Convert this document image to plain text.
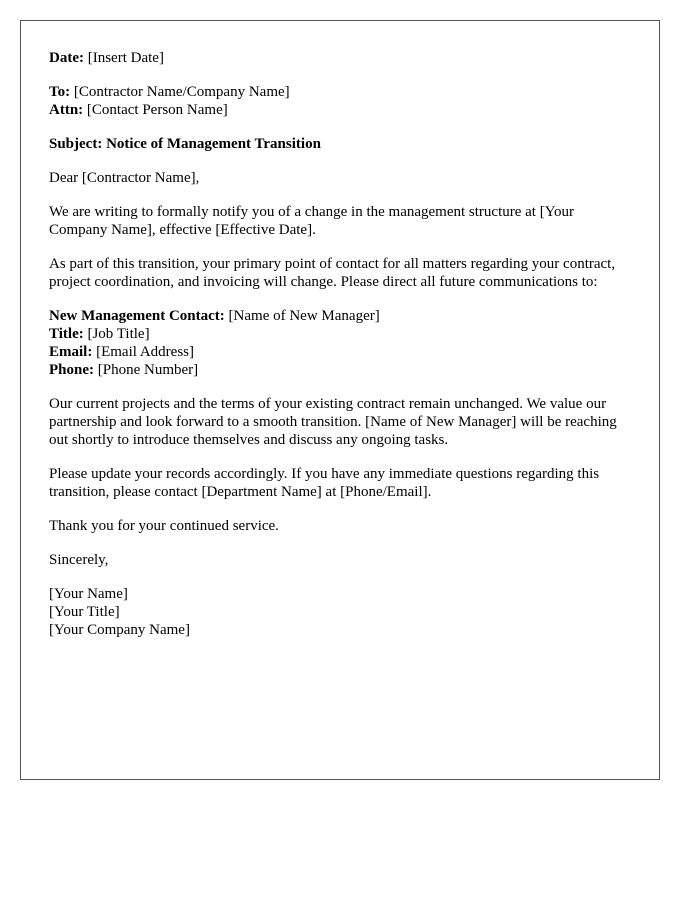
Date: [Insert Date]
To: [Contractor Name/Company Name]
Attn: [Contact Person Name]
Subject: Notice of Management Transition
Dear [Contractor Name],
We are writing to formally notify you of a change in the management structure at [Your Company Name], effective [Effective Date].
As part of this transition, your primary point of contact for all matters regarding your contract, project coordination, and invoicing will change. Please direct all future communications to:
New Management Contact: [Name of New Manager]
Title: [Job Title]
Email: [Email Address]
Phone: [Phone Number]
Our current projects and the terms of your existing contract remain unchanged. We value our partnership and look forward to a smooth transition. [Name of New Manager] will be reaching out shortly to introduce themselves and discuss any ongoing tasks.
Please update your records accordingly. If you have any immediate questions regarding this transition, please contact [Department Name] at [Phone/Email].
Thank you for your continued service.
Sincerely,
[Your Name]
[Your Title]
[Your Company Name]
